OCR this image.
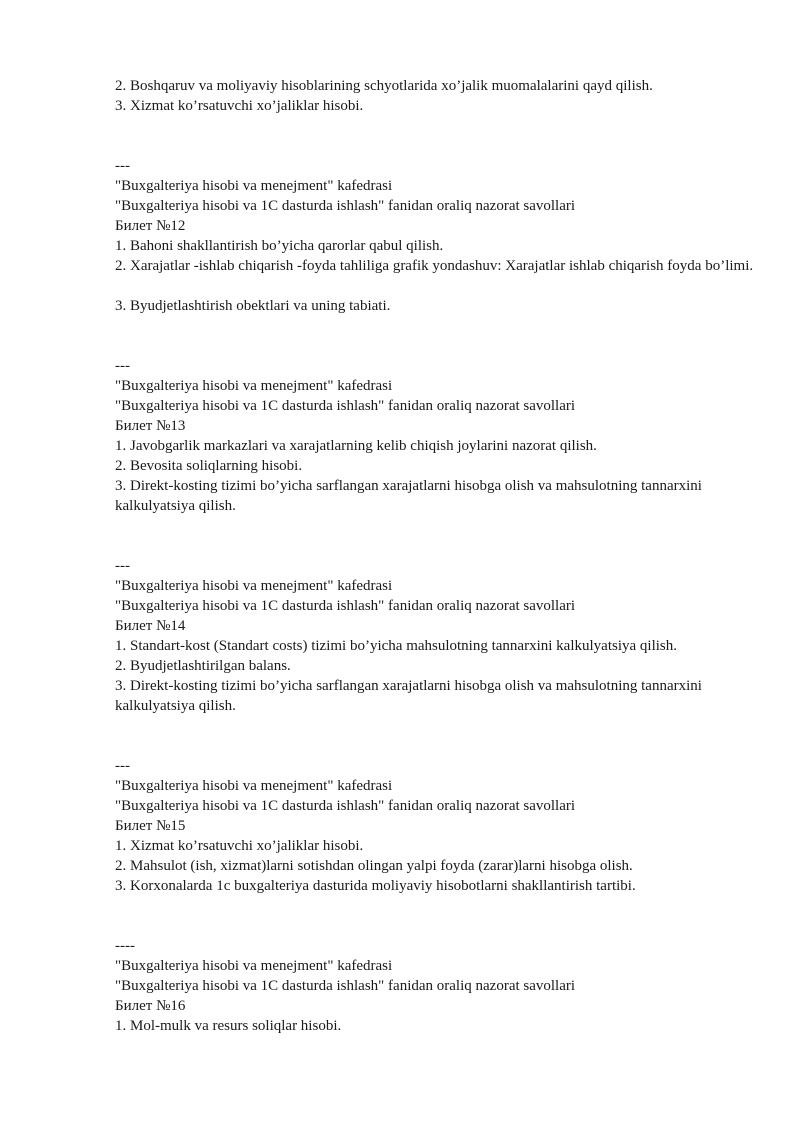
2. Boshqaruv va moliyaviy hisoblarining schyotlarida xo’jalik muomalalarini qayd qilish.
3. Xizmat ko’rsatuvchi xo’jaliklar hisobi.
---
"Buxgalteriya hisobi va menejment" kafedrasi
"Buxgalteriya hisobi va 1C dasturda ishlash" fanidan oraliq nazorat savollari
Билет №12
1. Bahoni shakllantirish bo’yicha qarorlar qabul qilish.
2. Xarajatlar -ishlab chiqarish -foyda tahliliga grafik yondashuv: Xarajatlar ishlab chiqarish foyda bo’limi.
3. Byudjetlashtirish obektlari va uning tabiati.
---
"Buxgalteriya hisobi va menejment" kafedrasi
"Buxgalteriya hisobi va 1C dasturda ishlash" fanidan oraliq nazorat savollari
Билет №13
1. Javobgarlik markazlari va xarajatlarning kelib chiqish joylarini nazorat qilish.
2. Bevosita soliqlarning hisobi.
3. Direkt-kosting tizimi bo’yicha sarflangan xarajatlarni hisobga olish va mahsulotning tannarxini kalkulyatsiya qilish.
---
"Buxgalteriya hisobi va menejment" kafedrasi
"Buxgalteriya hisobi va 1C dasturda ishlash" fanidan oraliq nazorat savollari
Билет №14
1. Standart-kost (Standart costs) tizimi bo’yicha mahsulotning tannarxini kalkulyatsiya qilish.
2. Byudjetlashtirilgan balans.
3. Direkt-kosting tizimi bo’yicha sarflangan xarajatlarni hisobga olish va mahsulotning tannarxini kalkulyatsiya qilish.
---
"Buxgalteriya hisobi va menejment" kafedrasi
"Buxgalteriya hisobi va 1C dasturda ishlash" fanidan oraliq nazorat savollari
Билет №15
1. Xizmat ko’rsatuvchi xo’jaliklar hisobi.
2. Mahsulot (ish, xizmat)larni sotishdan olingan yalpi foyda (zarar)larni hisobga olish.
3. Korxonalarda 1c buxgalteriya dasturida moliyaviy hisobotlarni shakllantirish tartibi.
----
"Buxgalteriya hisobi va menejment" kafedrasi
"Buxgalteriya hisobi va 1C dasturda ishlash" fanidan oraliq nazorat savollari
Билет №16
1. Mol-mulk va resurs soliqlar hisobi.
